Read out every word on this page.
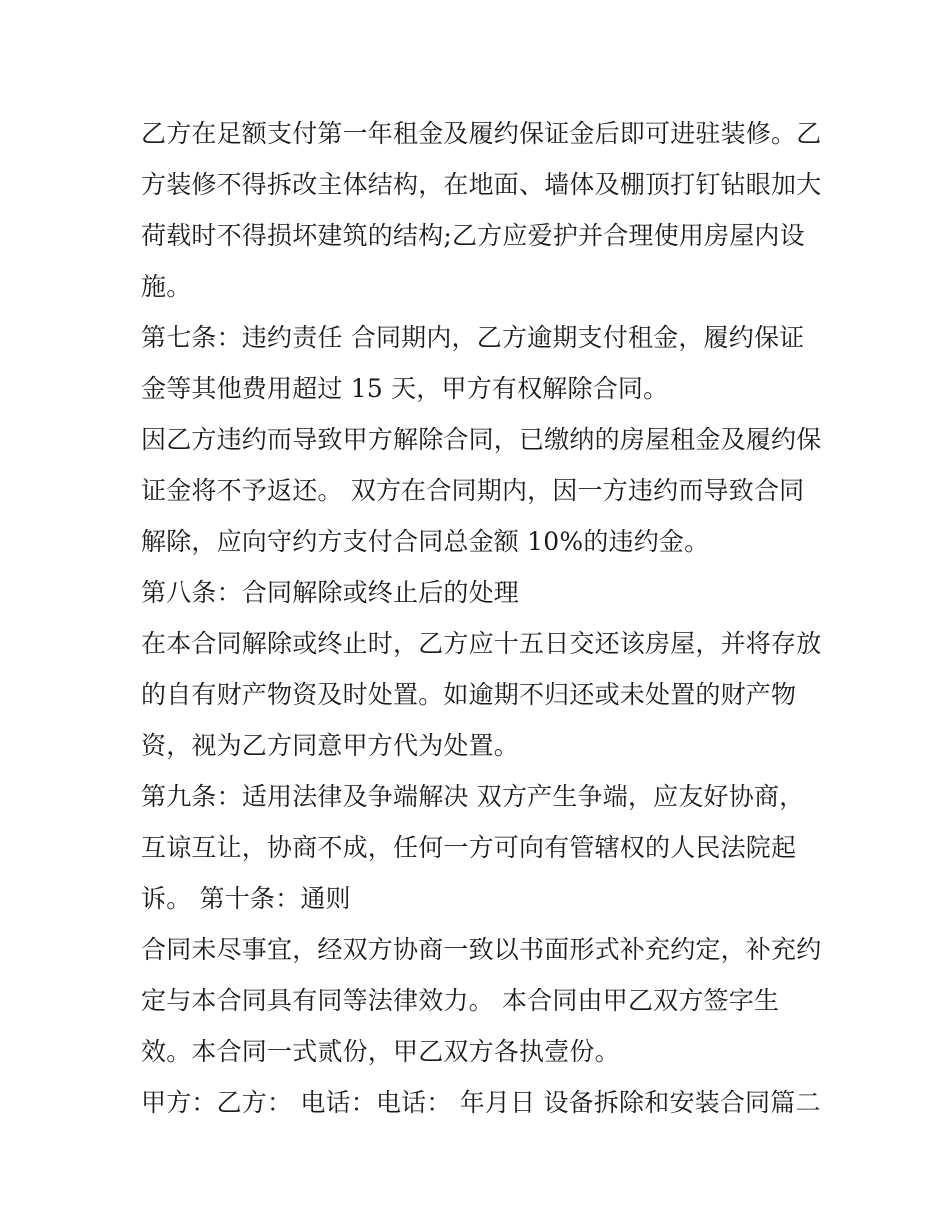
乙方在足额支付第一年租金及履约保证金后即可进驻装修。乙
方装修不得拆改主体结构，在地面、墙体及棚顶打钉钻眼加大
荷载时不得损坏建筑的结构;乙方应爱护并合理使用房屋内设
施。
第七条：违约责任 合同期内，乙方逾期支付租金，履约保证
金等其他费用超过 15 天，甲方有权解除合同。
因乙方违约而导致甲方解除合同，已缴纳的房屋租金及履约保
证金将不予返还。 双方在合同期内，因一方违约而导致合同
解除，应向守约方支付合同总金额 10%的违约金。
第八条：合同解除或终止后的处理
在本合同解除或终止时，乙方应十五日交还该房屋，并将存放
的自有财产物资及时处置。如逾期不归还或未处置的财产物
资，视为乙方同意甲方代为处置。
第九条：适用法律及争端解决 双方产生争端，应友好协商，
互谅互让，协商不成，任何一方可向有管辖权的人民法院起
诉。 第十条：通则
合同未尽事宜，经双方协商一致以书面形式补充约定，补充约
定与本合同具有同等法律效力。 本合同由甲乙双方签字生
效。本合同一式贰份，甲乙双方各执壹份。
甲方：乙方： 电话：电话： 年月日 设备拆除和安装合同篇二
